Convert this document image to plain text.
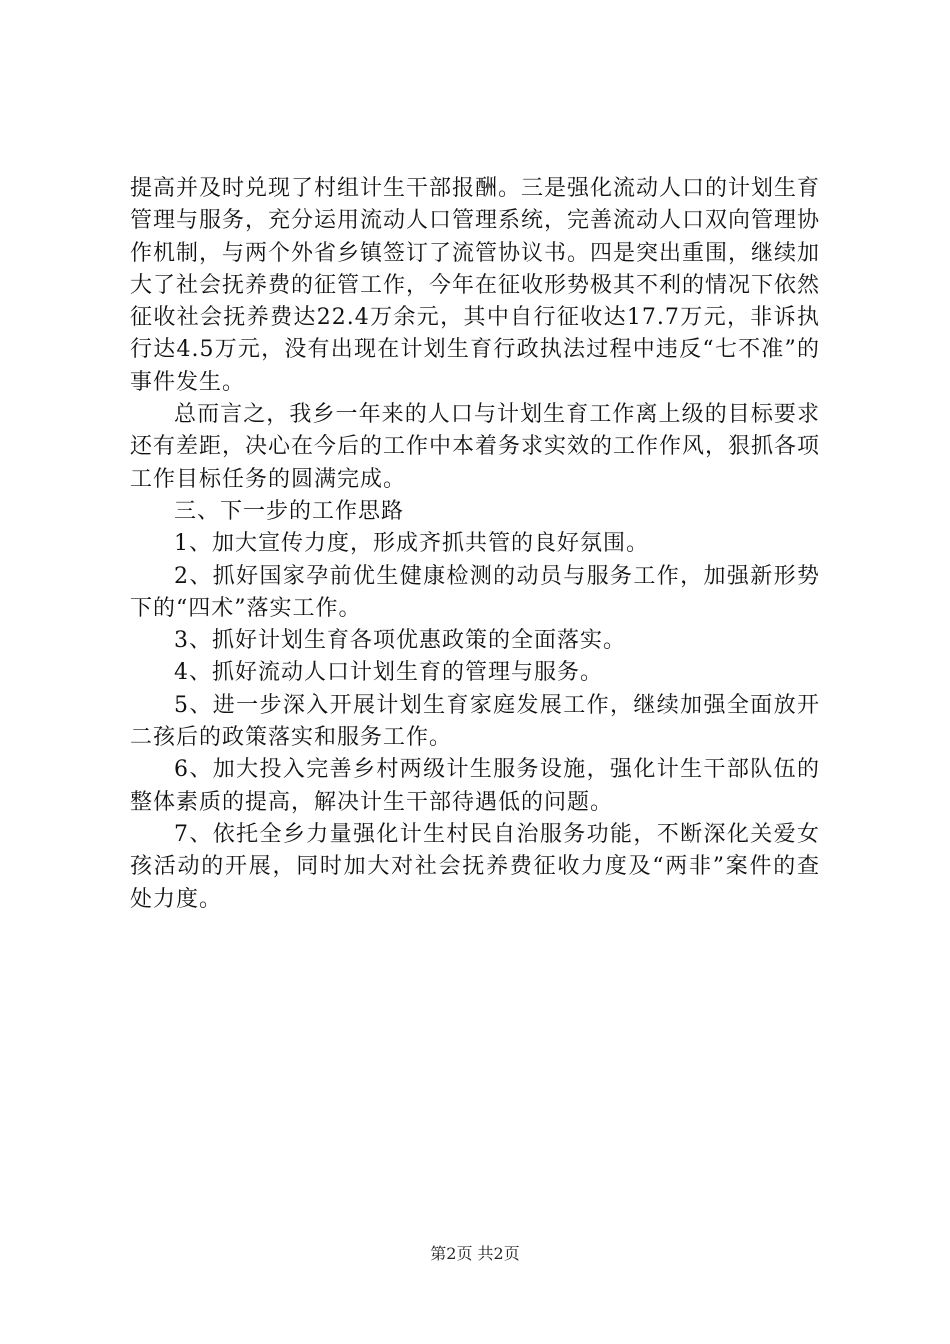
提高并及时兑现了村组计生干部报酬。三是强化流动人口的计划生育管理与服务，充分运用流动人口管理系统，完善流动人口双向管理协作机制，与两个外省乡镇签订了流管协议书。四是突出重围，继续加大了社会抚养费的征管工作，今年在征收形势极其不利的情况下依然征收社会抚养费达22.4万余元，其中自行征收达17.7万元，非诉执行达4.5万元，没有出现在计划生育行政执法过程中违反“七不准”的事件发生。

总而言之，我乡一年来的人口与计划生育工作离上级的目标要求还有差距，决心在今后的工作中本着务求实效的工作作风，狠抓各项工作目标任务的圆满完成。

三、下一步的工作思路

1、加大宣传力度，形成齐抓共管的良好氛围。

2、抓好国家孕前优生健康检测的动员与服务工作，加强新形势下的“四术”落实工作。

3、抓好计划生育各项优惠政策的全面落实。

4、抓好流动人口计划生育的管理与服务。

5、进一步深入开展计划生育家庭发展工作，继续加强全面放开二孩后的政策落实和服务工作。

6、加大投入完善乡村两级计生服务设施，强化计生干部队伍的整体素质的提高，解决计生干部待遇低的问题。

7、依托全乡力量强化计生村民自治服务功能，不断深化关爱女孩活动的开展，同时加大对社会抚养费征收力度及“两非”案件的查处力度。

第2页 共2页
